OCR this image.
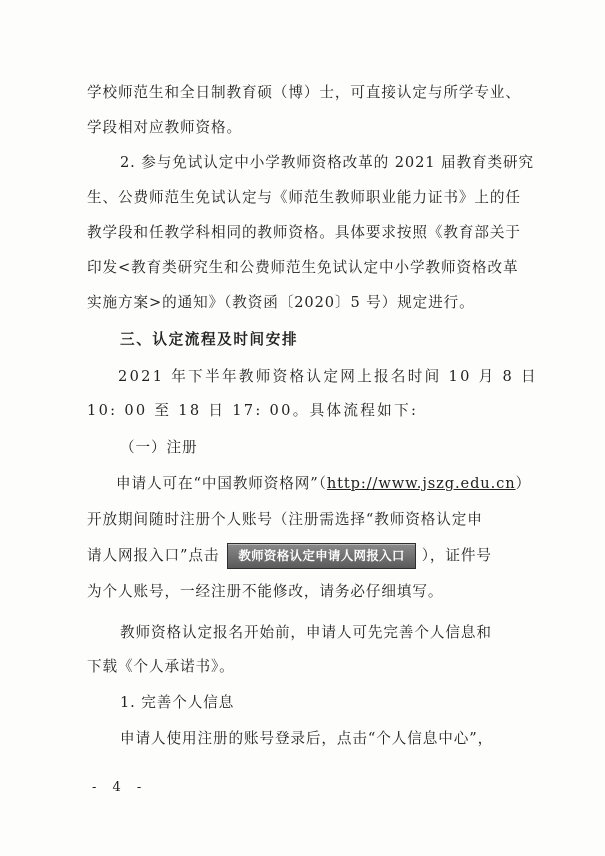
学校师范生和全日制教育硕（博）士，可直接认定与所学专业、
学段相对应教师资格。
2. 参与免试认定中小学教师资格改革的 2021 届教育类研究
生、公费师范生免试认定与《师范生教师职业能力证书》上的任
教学段和任教学科相同的教师资格。具体要求按照《教育部关于
印发<教育类研究生和公费师范生免试认定中小学教师资格改革
实施方案>的通知》（教资函〔2020〕5 号）规定进行。
三、认定流程及时间安排
2021 年下半年教师资格认定网上报名时间 10 月 8 日
10: 00 至 18 日 17: 00。具体流程如下:
（一）注册
申请人可在“中国教师资格网”（http://www.jszg.edu.cn）
开放期间随时注册个人账号（注册需选择“教师资格认定申
请人网报入口”点击 教师资格认定申请人网报入口 ），证件号
为个人账号，一经注册不能修改，请务必仔细填写。
教师资格认定报名开始前，申请人可先完善个人信息和
下载《个人承诺书》。
1. 完善个人信息
申请人使用注册的账号登录后，点击“个人信息中心”，
- 4 -
